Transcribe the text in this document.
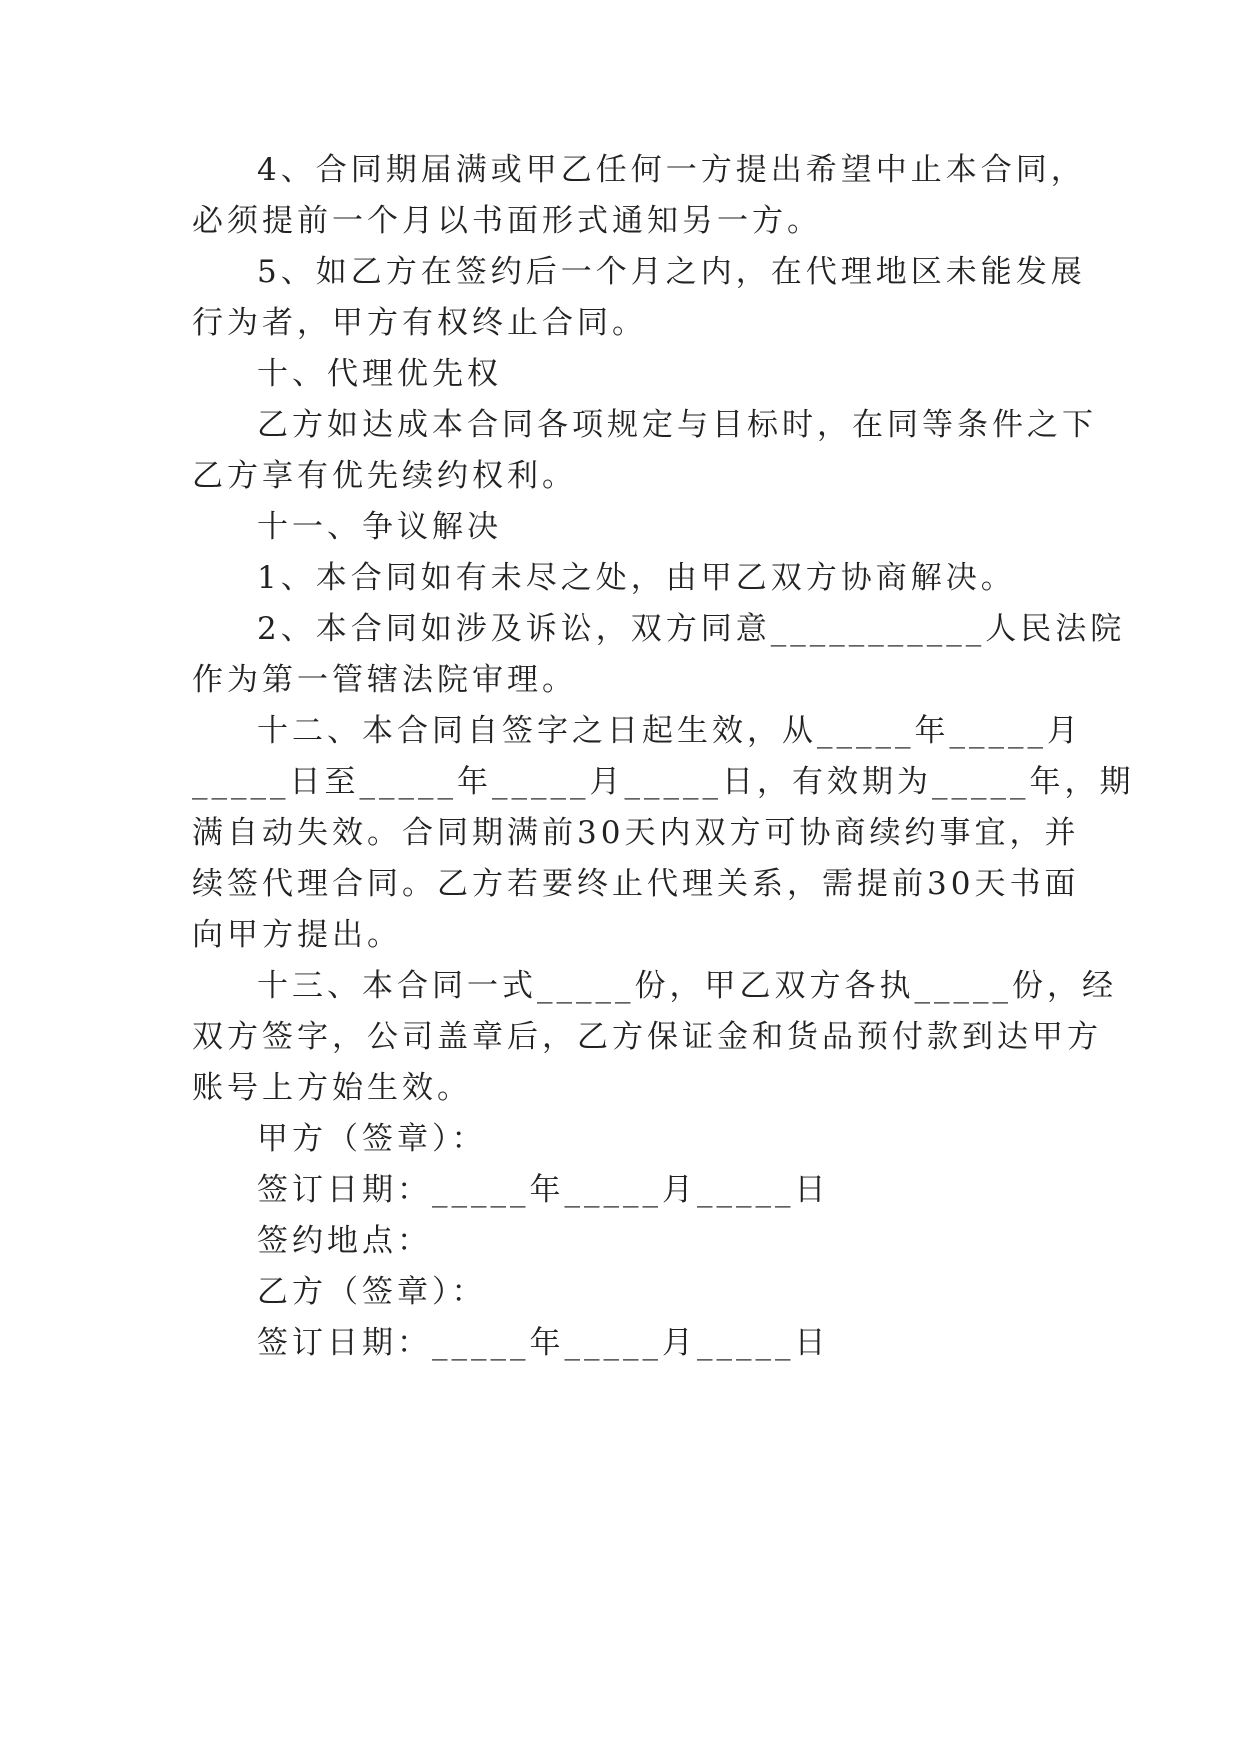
4、合同期届满或甲乙任何一方提出希望中止本合同，
必须提前一个月以书面形式通知另一方。
5、如乙方在签约后一个月之内，在代理地区未能发展
行为者，甲方有权终止合同。
十、代理优先权
乙方如达成本合同各项规定与目标时，在同等条件之下
乙方享有优先续约权利。
十一、争议解决
1、本合同如有未尽之处，由甲乙双方协商解决。
2、本合同如涉及诉讼，双方同意___________人民法院
作为第一管辖法院审理。
十二、本合同自签字之日起生效，从_____年_____月
_____日至_____年_____月_____日，有效期为_____年，期
满自动失效。合同期满前30天内双方可协商续约事宜，并
续签代理合同。乙方若要终止代理关系，需提前30天书面
向甲方提出。
十三、本合同一式_____份，甲乙双方各执_____份，经
双方签字，公司盖章后，乙方保证金和货品预付款到达甲方
账号上方始生效。
甲方（签章）：
签订日期：_____年_____月_____日
签约地点：
乙方（签章）：
签订日期：_____年_____月_____日
